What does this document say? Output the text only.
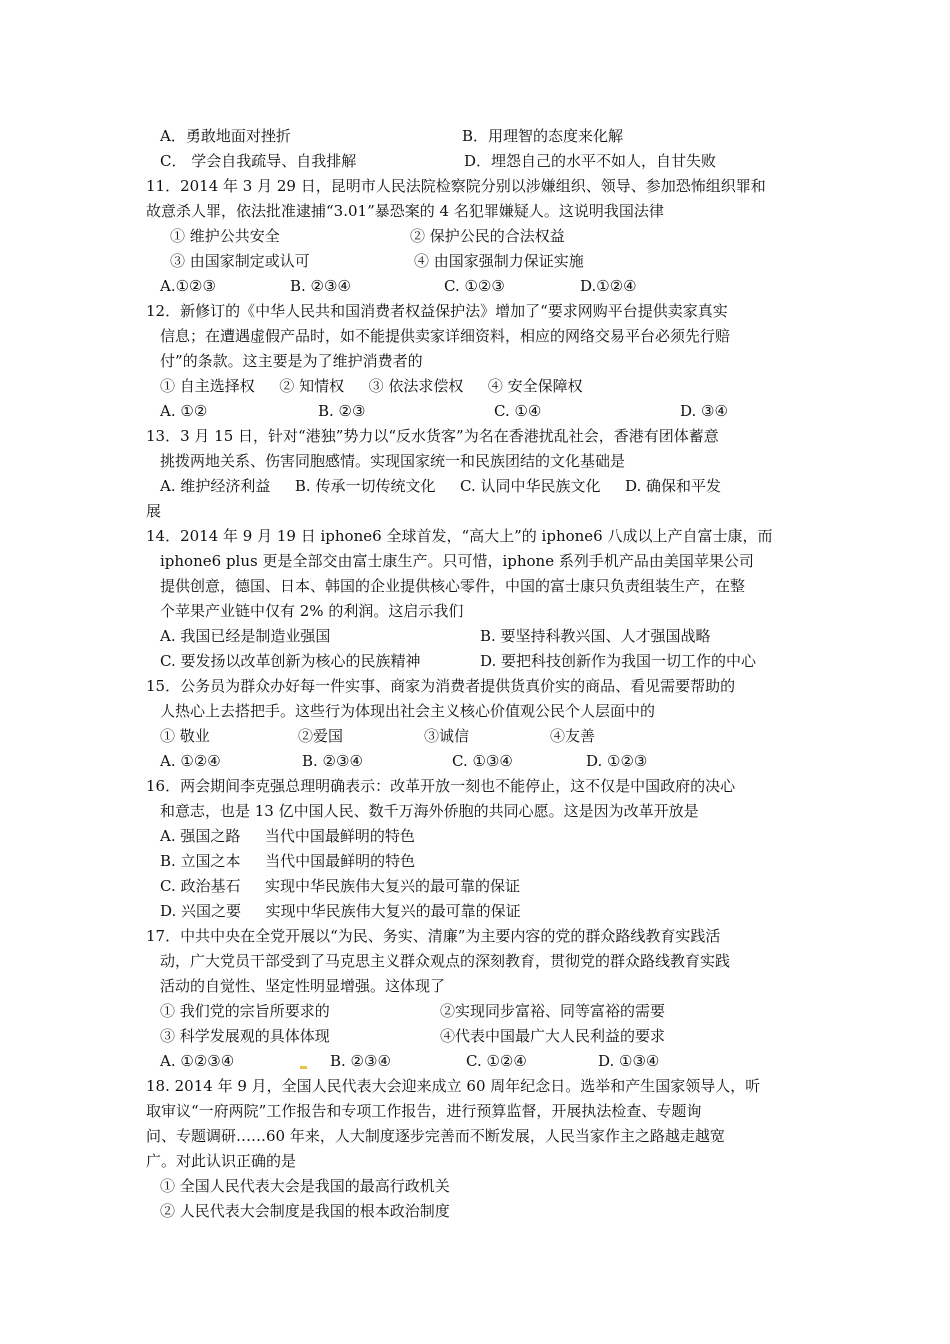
A．勇敢地面对挫折	B．用理智的态度来化解
C． 学会自我疏导、自我排解	D．埋怨自己的水平不如人，自甘失败
11．2014 年 3 月 29 日，昆明市人民法院检察院分别以涉嫌组织、领导、参加恐怖组织罪和
故意杀人罪，依法批准逮捕“3.01”暴恐案的 4 名犯罪嫌疑人。这说明我国法律
① 维护公共安全	② 保护公民的合法权益
③ 由国家制定或认可	④ 由国家强制力保证实施
A.①②③	B. ②③④	C. ①②③	D.①②④
12．新修订的《中华人民共和国消费者权益保护法》增加了“要求网购平台提供卖家真实
信息；在遭遇虚假产品时，如不能提供卖家详细资料，相应的网络交易平台必须先行赔
付”的条款。这主要是为了维护消费者的
① 自主选择权 　 ② 知情权 　 ③ 依法求偿权 　 ④ 安全保障权
A. ①②	B. ②③	C. ①④	D. ③④
13．3 月 15 日，针对“港独”势力以“反水货客”为名在香港扰乱社会，香港有团体蓄意
挑拨两地关系、伤害同胞感情。实现国家统一和民族团结的文化基础是
A. 维护经济利益 　 B. 传承一切传统文化 　 C. 认同中华民族文化 　 D. 确保和平发
展
14．2014 年 9 月 19 日 iphone6 全球首发，“高大上”的 iphone6 八成以上产自富士康，而
iphone6 plus 更是全部交由富士康生产。只可惜，iphone 系列手机产品由美国苹果公司
提供创意，德国、日本、韩国的企业提供核心零件，中国的富士康只负责组装生产，在整
个苹果产业链中仅有 2% 的利润。这启示我们
A. 我国已经是制造业强国	B. 要坚持科教兴国、人才强国战略
C. 要发扬以改革创新为核心的民族精神	D. 要把科技创新作为我国一切工作的中心
15．公务员为群众办好每一件实事、商家为消费者提供货真价实的商品、看见需要帮助的
人热心上去搭把手。这些行为体现出社会主义核心价值观公民个人层面中的
① 敬业	②爱国	③诚信	④友善
A. ①②④	B. ②③④	C. ①③④	D. ①②③
16．两会期间李克强总理明确表示：改革开放一刻也不能停止，这不仅是中国政府的决心
和意志，也是 13 亿中国人民、数千万海外侨胞的共同心愿。这是因为改革开放是
A. 强国之路 　 当代中国最鲜明的特色
B. 立国之本 　 当代中国最鲜明的特色
C. 政治基石 　 实现中华民族伟大复兴的最可靠的保证
D. 兴国之要 　 实现中华民族伟大复兴的最可靠的保证
17．中共中央在全党开展以“为民、务实、清廉”为主要内容的党的群众路线教育实践活
动，广大党员干部受到了马克思主义群众观点的深刻教育，贯彻党的群众路线教育实践
活动的自觉性、坚定性明显增强。这体现了
① 我们党的宗旨所要求的	②实现同步富裕、同等富裕的需要
③ 科学发展观的具体体现	④代表中国最广大人民利益的要求
A. ①②③④	B. ②③④	C. ①②④	D. ①③④
18. 2014 年 9 月，全国人民代表大会迎来成立 60 周年纪念日。选举和产生国家领导人，听
取审议“一府两院”工作报告和专项工作报告，进行预算监督，开展执法检查、专题询
问、专题调研……60 年来，人大制度逐步完善而不断发展，人民当家作主之路越走越宽
广。对此认识正确的是
① 全国人民代表大会是我国的最高行政机关
② 人民代表大会制度是我国的根本政治制度
